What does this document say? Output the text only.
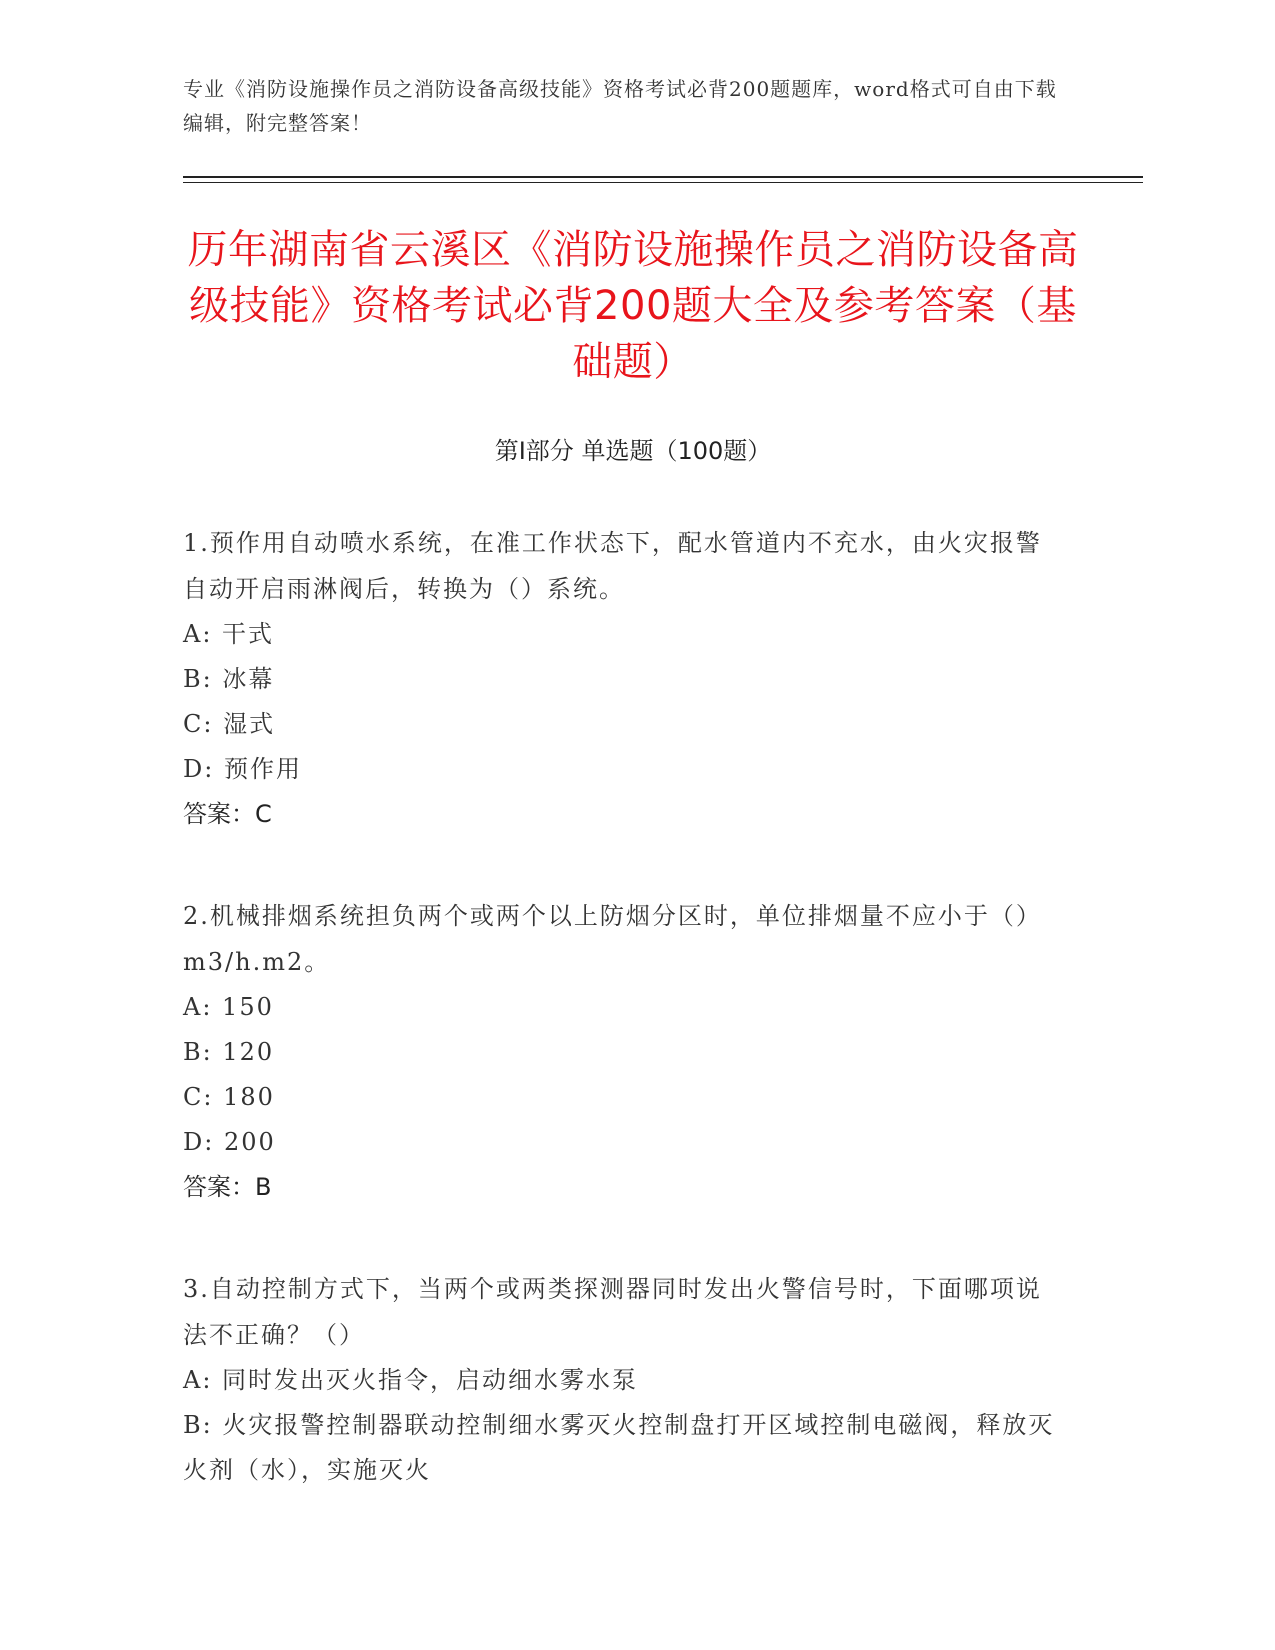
专业《消防设施操作员之消防设备高级技能》资格考试必背200题题库，word格式可自由下载编辑，附完整答案！
历年湖南省云溪区《消防设施操作员之消防设备高级技能》资格考试必背200题大全及参考答案（基础题）
第Ⅰ部分 单选题（100题）
1.预作用自动喷水系统，在准工作状态下，配水管道内不充水，由火灾报警自动开启雨淋阀后，转换为（）系统。
A: 干式
B: 冰幕
C: 湿式
D: 预作用
答案：C
2.机械排烟系统担负两个或两个以上防烟分区时，单位排烟量不应小于（）m3/h.m2。
A: 150
B: 120
C: 180
D: 200
答案：B
3.自动控制方式下，当两个或两类探测器同时发出火警信号时，下面哪项说法不正确？（）
A: 同时发出灭火指令，启动细水雾水泵
B: 火灾报警控制器联动控制细水雾灭火控制盘打开区域控制电磁阀，释放灭火剂（水），实施灭火
